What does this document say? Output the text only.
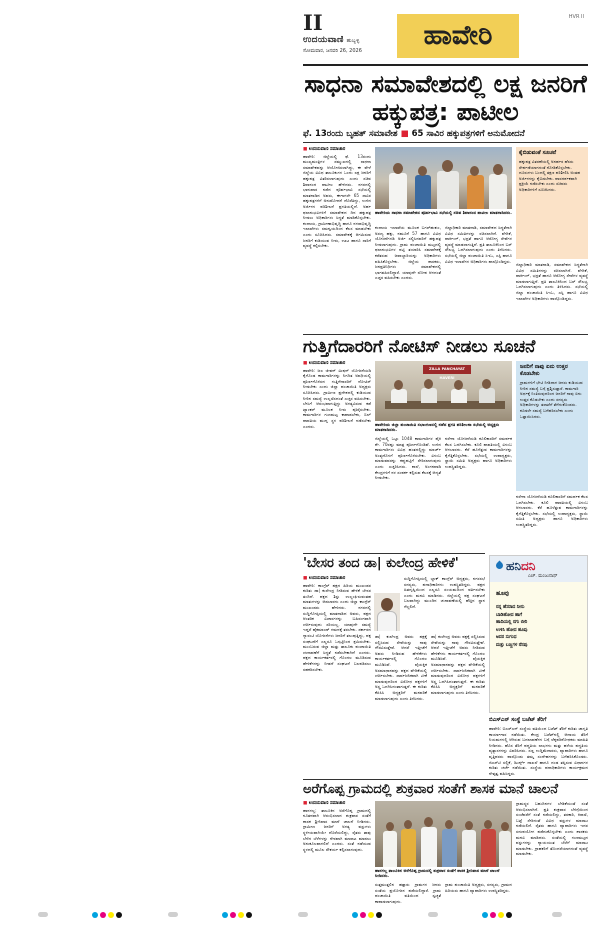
HVR II
II
ಉದಯವಾಣಿ ಹುಬ್ಬಳ್ಳಿ
ಸೋಮವಾರ, ಜನವರಿ 26, 2026	ಹಾವೇರಿ
ಸಾಧನಾ ಸಮಾವೇಶದಲ್ಲಿ ಲಕ್ಷ ಜನರಿಗೆ ಹಕ್ಕುಪತ್ರ: ಪಾಟೀಲ
ಫೆ. 13ರಂದು ಬೃಹತ್ ಸಮಾವೇಶ ■ 65 ಸಾವಿರ ಹಕ್ಕುಪತ್ರಗಳಿಗೆ ಅನುಮೋದನೆ
■ ಉದಯವಾಣಿ ಸಮಾಚಾರ
ಹಾವೇರಿ: ಜಿಲ್ಲೆಯಲ್ಲಿ ಫೆ. 13ರಂದು ಮುಖ್ಯಮಂತ್ರಿಗಳ ಸಮ್ಮುಖದಲ್ಲಿ ಸಾಧನಾ ಸಮಾವೇಶವನ್ನು ಆಯೋಜಿಸಲಾಗಿದ್ದು, ಈ ವೇಳೆ ಜಿಲ್ಲೆಯ ವಿವಿಧ ತಾಲೂಕುಗಳ ಒಂದು ಲಕ್ಷ ಜನರಿಗೆ ಹಕ್ಕುಪತ್ರ ವಿತರಿಸಲಾಗುವುದು ಎಂದು ಸಚಿವ ಶಿವಾನಂದ ಪಾಟೀಲ ಹೇಳಿದರು. ನಗರದಲ್ಲಿ ಭಾನುವಾರ ನಡೆದ ಪೂರ್ವಭಾವಿ ಸಭೆಯಲ್ಲಿ ಮಾತನಾಡಿದ ಅವರು, ಈಗಾಗಲೇ 65 ಸಾವಿರ ಹಕ್ಕುಪತ್ರಗಳಿಗೆ ಅನುಮೋದನೆ ದೊರೆತಿದ್ದು, ಉಳಿದ ಅರ್ಜಿಗಳ ಪರಿಶೀಲನೆ ಪ್ರಗತಿಯಲ್ಲಿದೆ. ಅರ್ಹ ಫಲಾನುಭವಿಗಳಿಗೆ ಸಮಾವೇಶದ ದಿನ ಹಕ್ಕುಪತ್ರ ನೀಡಲು ಅಧಿಕಾರಿಗಳು ಸಿದ್ಧತೆ ಮಾಡಿಕೊಳ್ಳಬೇಕು. ಕಂದಾಯ, ಗ್ರಾಮೀಣಾಭಿವೃದ್ಧಿ ಹಾಗೂ ನಗರಾಭಿವೃದ್ಧಿ ಇಲಾಖೆಗಳು ಸಮನ್ವಯದಿಂದ ಕೆಲಸ ಮಾಡಬೇಕು ಎಂದು ಸೂಚಿಸಿದರು. ಸಮಾವೇಶಕ್ಕೆ ಆಗಮಿಸುವ ಜನರಿಗೆ ಕುಡಿಯುವ ನೀರು, ಊಟ ಹಾಗೂ ಸಾರಿಗೆ ವ್ಯವಸ್ಥೆ ಕಲ್ಪಿಸಬೇಕು.
ಹಾವೇರಿಯ ಸಾಧನಾ ಸಮಾವೇಶದ ಪೂರ್ವಭಾವಿ ಸಭೆಯಲ್ಲಿ ಸಚಿವ ಶಿವಾನಂದ ಪಾಟೀಲ ಮಾತನಾಡಿದರು.
ಕಂದಾಯ ಇಲಾಖೆಯ ಮೂಲಕ ಬಗರ್‌ಹುಕುಂ, ಅರಣ್ಯ ಹಕ್ಕು, ನಮೂನೆ 57 ಹಾಗೂ ವಿವಿಧ ಯೋಜನೆಗಳಡಿ ಅರ್ಜಿ ಸಲ್ಲಿಸಿದವರಿಗೆ ಹಕ್ಕುಪತ್ರ ನೀಡಲಾಗುವುದು. ಗ್ರಾಮ ಪಂಚಾಯಿತಿ ಮಟ್ಟದಲ್ಲಿ ಫಲಾನುಭವಿಗಳ ಪಟ್ಟಿ ತಯಾರಿಸಿ ಸಮಾವೇಶಕ್ಕೆ ಕರೆತರುವ ಜವಾಬ್ದಾರಿಯನ್ನು ಅಧಿಕಾರಿಗಳು ವಹಿಸಿಕೊಳ್ಳಬೇಕು. ಜಿಲ್ಲೆಯ ಶಾಸಕರು, ಜನಪ್ರತಿನಿಧಿಗಳು ಸಮಾವೇಶದಲ್ಲಿ ಭಾಗವಹಿಸಲಿದ್ದಾರೆ. ಯಾವುದೇ ಲೋಪ ಆಗದಂತೆ ಎಚ್ಚರ ವಹಿಸಬೇಕು ಎಂದರು.
ಜಿಲ್ಲಾಧಿಕಾರಿ ಮಾತನಾಡಿ, ಸಮಾವೇಶದ ಸಿದ್ಧತೆಗಾಗಿ ವಿವಿಧ ಸಮಿತಿಗಳನ್ನು ರಚಿಸಲಾಗಿದೆ. ವೇದಿಕೆ, ಪಾರ್ಕಿಂಗ್, ಭದ್ರತೆ ಹಾಗೂ ಆರೋಗ್ಯ ಸೇವೆಗಳ ವ್ಯವಸ್ಥೆ ಮಾಡಲಾಗುತ್ತಿದೆ. ಪ್ರತಿ ತಾಲೂಕಿನಿಂದ ಬಸ್ ಸೌಲಭ್ಯ ಒದಗಿಸಲಾಗುವುದು ಎಂದು ತಿಳಿಸಿದರು. ಸಭೆಯಲ್ಲಿ ಜಿಲ್ಲಾ ಪಂಚಾಯಿತಿ ಸಿಇಒ, ಎಸ್ಪಿ ಹಾಗೂ ವಿವಿಧ ಇಲಾಖೆಗಳ ಅಧಿಕಾರಿಗಳು ಪಾಲ್ಗೊಂಡಿದ್ದರು.
ಕೈಬಿಡುವಂತೆ ಸೂಚನೆ
ಹಕ್ಕುಪತ್ರ ವಿತರಣೆಯಲ್ಲಿ ಅನರ್ಹರ ಹೆಸರು ಸೇರ್ಪಡೆಯಾಗದಂತೆ ನೋಡಿಕೊಳ್ಳಬೇಕು. ದೂರುಗಳು ಬಂದಲ್ಲಿ ತಕ್ಷಣ ಪರಿಶೀಲಿಸಿ ಅಂತಹ ಅರ್ಜಿಗಳನ್ನು ಕೈಬಿಡಬೇಕು. ಪಾರದರ್ಶಕವಾಗಿ ಪ್ರಕ್ರಿಯೆ ನಡೆಸಬೇಕು ಎಂದು ಸಚಿವರು ಅಧಿಕಾರಿಗಳಿಗೆ ಸೂಚಿಸಿದರು.
ಜಿಲ್ಲಾಧಿಕಾರಿ ಮಾತನಾಡಿ, ಸಮಾವೇಶದ ಸಿದ್ಧತೆಗಾಗಿ ವಿವಿಧ ಸಮಿತಿಗಳನ್ನು ರಚಿಸಲಾಗಿದೆ. ವೇದಿಕೆ, ಪಾರ್ಕಿಂಗ್, ಭದ್ರತೆ ಹಾಗೂ ಆರೋಗ್ಯ ಸೇವೆಗಳ ವ್ಯವಸ್ಥೆ ಮಾಡಲಾಗುತ್ತಿದೆ. ಪ್ರತಿ ತಾಲೂಕಿನಿಂದ ಬಸ್ ಸೌಲಭ್ಯ ಒದಗಿಸಲಾಗುವುದು ಎಂದು ತಿಳಿಸಿದರು. ಸಭೆಯಲ್ಲಿ ಜಿಲ್ಲಾ ಪಂಚಾಯಿತಿ ಸಿಇಒ, ಎಸ್ಪಿ ಹಾಗೂ ವಿವಿಧ ಇಲಾಖೆಗಳ ಅಧಿಕಾರಿಗಳು ಪಾಲ್ಗೊಂಡಿದ್ದರು.
ಗುತ್ತಿಗೆದಾರರಿಗೆ ನೋಟಿಸ್ ನೀಡಲು ಸೂಚನೆ
■ ಉದಯವಾಣಿ ಸಮಾಚಾರ
ಹಾವೇರಿ: ಜಲ ಜೀವನ್ ಮಿಷನ್ ಯೋಜನೆಯಡಿ ಕೈಗೊಂಡ ಕಾಮಗಾರಿಗಳನ್ನು ನಿಗದಿತ ಅವಧಿಯಲ್ಲಿ ಪೂರ್ಣಗೊಳಿಸದ ಗುತ್ತಿಗೆದಾರರಿಗೆ ನೋಟಿಸ್ ನೀಡಬೇಕು ಎಂದು ಜಿಲ್ಲಾ ಪಂಚಾಯಿತಿ ಅಧ್ಯಕ್ಷರು ಸೂಚಿಸಿದರು. ಗ್ರಾಮೀಣ ಪ್ರದೇಶದಲ್ಲಿ ಕುಡಿಯುವ ನೀರಿನ ಸಮಸ್ಯೆ ಉಲ್ಬಣಿಸದಂತೆ ಎಚ್ಚರ ವಹಿಸಬೇಕು. ಬೇಸಿಗೆ ಆರಂಭವಾಗುತ್ತಿದ್ದು ಅಗತ್ಯವಿರುವ ಕಡೆ ಟ್ಯಾಂಕರ್ ಮೂಲಕ ನೀರು ಪೂರೈಸಬೇಕು. ಕಾಮಗಾರಿಗಳ ಗುಣಮಟ್ಟ ಕಾಪಾಡಬೇಕು, ಬಿಲ್ ಪಾವತಿಯ ಮುನ್ನ ಸ್ಥಳ ಪರಿಶೀಲನೆ ನಡೆಸಬೇಕು ಎಂದರು.
ZILLA PANCHAYAT HAVERI
ಹಾವೇರಿಯ ಜಿಲ್ಲಾ ಪಂಚಾಯಿತಿ ಸಭಾಂಗಣದಲ್ಲಿ ನಡೆದ ಪ್ರಗತಿ ಪರಿಶೀಲನಾ ಸಭೆಯಲ್ಲಿ ಅಧ್ಯಕ್ಷರು ಮಾತನಾಡಿದರು.
ಜಿಲ್ಲೆಯಲ್ಲಿ ಒಟ್ಟು 1048 ಕಾಮಗಾರಿಗಳ ಪೈಕಿ ಶೇ. 70ರಷ್ಟು ಮಾತ್ರ ಪೂರ್ಣಗೊಂಡಿವೆ. ಉಳಿದ ಕಾಮಗಾರಿಗಳು ವಿವಿಧ ಹಂತದಲ್ಲಿದ್ದು ಮಾರ್ಚ್ ಅಂತ್ಯದೊಳಗೆ ಪೂರ್ಣಗೊಳಿಸಬೇಕು. ವಿಳಂಬ ಮಾಡುವವರನ್ನು ಕಪ್ಪುಪಟ್ಟಿಗೆ ಸೇರಿಸಲಾಗುವುದು ಎಂದು ಎಚ್ಚರಿಸಿದರು. ಶಾಲೆ, ಅಂಗನವಾಡಿ ಕೇಂದ್ರಗಳಿಗೆ ನಳ ಸಂಪರ್ಕ ಕಲ್ಪಿಸುವ ಕೆಲಸಕ್ಕೆ ಆದ್ಯತೆ ನೀಡಬೇಕು.
ನರೇಗಾ ಯೋಜನೆಯಡಿ ಕೂಲಿಕಾರರಿಗೆ ಸಮರ್ಪಕ ಕೆಲಸ ಒದಗಿಸಬೇಕು. ಕೂಲಿ ಪಾವತಿಯಲ್ಲಿ ವಿಳಂಬ ಆಗಬಾರದು. ಕೆರೆ ಹೂಳೆತ್ತುವ ಕಾಮಗಾರಿಗಳನ್ನು ಕೈಗೆತ್ತಿಕೊಳ್ಳಬೇಕು. ಸಭೆಯಲ್ಲಿ ಉಪಾಧ್ಯಕ್ಷರು, ಸ್ಥಾಯಿ ಸಮಿತಿ ಅಧ್ಯಕ್ಷರು ಹಾಗೂ ಅಧಿಕಾರಿಗಳು ಉಪಸ್ಥಿತರಿದ್ದರು.
ಜನರಿಗೆ ನಾವು ಏನು ಉತ್ತರ ಕೊಡಬೇಕು
ಗ್ರಾಮಗಳಿಗೆ ಭೇಟಿ ನೀಡಿದಾಗ ಜನರು ಕುಡಿಯುವ ನೀರಿನ ಸಮಸ್ಯೆ ಬಗ್ಗೆ ಪ್ರಶ್ನಿಸುತ್ತಾರೆ. ಕಾಮಗಾರಿ ಅರ್ಧಕ್ಕೆ ನಿಂತಿರುವುದರಿಂದ ಜನರಿಗೆ ನಾವು ಏನು ಉತ್ತರ ಕೊಡಬೇಕು ಎಂದು ಸದಸ್ಯರು ಅಧಿಕಾರಿಗಳನ್ನು ತರಾಟೆಗೆ ತೆಗೆದುಕೊಂಡರು. ಕೂಡಲೇ ಸಮಸ್ಯೆ ಬಗೆಹರಿಸಬೇಕು ಎಂದು ಒತ್ತಾಯಿಸಿದರು.
ನರೇಗಾ ಯೋಜನೆಯಡಿ ಕೂಲಿಕಾರರಿಗೆ ಸಮರ್ಪಕ ಕೆಲಸ ಒದಗಿಸಬೇಕು. ಕೂಲಿ ಪಾವತಿಯಲ್ಲಿ ವಿಳಂಬ ಆಗಬಾರದು. ಕೆರೆ ಹೂಳೆತ್ತುವ ಕಾಮಗಾರಿಗಳನ್ನು ಕೈಗೆತ್ತಿಕೊಳ್ಳಬೇಕು. ಸಭೆಯಲ್ಲಿ ಉಪಾಧ್ಯಕ್ಷರು, ಸ್ಥಾಯಿ ಸಮಿತಿ ಅಧ್ಯಕ್ಷರು ಹಾಗೂ ಅಧಿಕಾರಿಗಳು ಉಪಸ್ಥಿತರಿದ್ದರು.
'ಬೇಸರ ತಂದ ಡಾ| ಕುಲೇಂದ್ರ ಹೇಳಿಕೆ'
■ ಉದಯವಾಣಿ ಸಮಾಚಾರ
ಹಾವೇರಿ: ಕಾಂಗ್ರೆಸ್ ಪಕ್ಷದ ಹಿರಿಯ ಮುಖಂಡರ ಕುರಿತು ಡಾ| ಕುಲೇಂದ್ರ ನೀಡಿರುವ ಹೇಳಿಕೆ ಬೇಸರ ತಂದಿದೆ. ಪಕ್ಷದ ಶಿಸ್ತು ಉಲ್ಲಂಘಿಸುವಂತಹ ಮಾತುಗಳನ್ನು ಆಡಬಾರದು ಎಂದು ಜಿಲ್ಲಾ ಕಾಂಗ್ರೆಸ್ ಮುಖಂಡರು ಹೇಳಿದರು. ನಗರದಲ್ಲಿ ಸುದ್ದಿಗೋಷ್ಠಿಯಲ್ಲಿ ಮಾತನಾಡಿದ ಅವರು, ಪಕ್ಷದ ಆಂತರಿಕ ವಿಚಾರಗಳನ್ನು ಬಹಿರಂಗವಾಗಿ ಚರ್ಚಿಸುವುದು ಸರಿಯಲ್ಲ. ಯಾವುದೇ ಸಮಸ್ಯೆ ಇದ್ದರೆ ಹೈಕಮಾಂಡ್ ಗಮನಕ್ಕೆ ತರಬೇಕು. ಸರ್ಕಾರದ ಗ್ಯಾರಂಟಿ ಯೋಜನೆಗಳು ಜನರಿಗೆ ತಲುಪುತ್ತಿದ್ದು, ಪಕ್ಷ ಸಂಘಟನೆಗೆ ಎಲ್ಲರೂ ಒಗ್ಗಟ್ಟಿನಿಂದ ಶ್ರಮಿಸಬೇಕು. ಮುಂಬರುವ ಜಿಲ್ಲಾ ಮತ್ತು ತಾಲೂಕು ಪಂಚಾಯಿತಿ ಚುನಾವಣೆಗೆ ಸಿದ್ಧತೆ ನಡೆಸಬೇಕಾಗಿದೆ ಎಂದರು. ಪಕ್ಷದ ಕಾರ್ಯಕರ್ತರಲ್ಲಿ ಗೊಂದಲ ಮೂಡಿಸುವ ಹೇಳಿಕೆಗಳನ್ನು ನೀಡದೆ ಸಂಘಟನೆ ಬಲಪಡಿಸಲು ಸಹಕರಿಸಬೇಕು.
ಡಾ| ಕುಲೇಂದ್ರ ಅವರು ಪಕ್ಷಕ್ಕೆ ಸಲ್ಲಿಸಿರುವ ಸೇವೆಯನ್ನು ನಾವು ಗೌರವಿಸುತ್ತೇವೆ. ಆದರೆ ಇತ್ತೀಚೆಗೆ ಅವರು ನೀಡಿರುವ ಹೇಳಿಕೆಗಳು ಕಾರ್ಯಕರ್ತರಲ್ಲಿ ಗೊಂದಲ ಮೂಡಿಸಿವೆ. ವೈಯಕ್ತಿಕ ಅಸಮಾಧಾನವನ್ನು ಪಕ್ಷದ ವೇದಿಕೆಯಲ್ಲಿ ಚರ್ಚಿಸಬೇಕು. ಸಾರ್ವಜನಿಕವಾಗಿ ಟೀಕೆ ಮಾಡುವುದರಿಂದ ವಿರೋಧ ಪಕ್ಷಗಳಿಗೆ ಅಸ್ತ್ರ ಒದಗಿಸಿದಂತಾಗುತ್ತದೆ. ಈ ಕುರಿತು ಕೆಪಿಸಿಸಿ ಅಧ್ಯಕ್ಷರಿಗೆ ಮನವರಿಕೆ ಮಾಡಲಾಗುವುದು ಎಂದು ತಿಳಿಸಿದರು.
ಸುದ್ದಿಗೋಷ್ಠಿಯಲ್ಲಿ ಬ್ಲಾಕ್ ಕಾಂಗ್ರೆಸ್ ಅಧ್ಯಕ್ಷರು, ನಗರಸಭೆ ಸದಸ್ಯರು, ಪದಾಧಿಕಾರಿಗಳು ಉಪಸ್ಥಿತರಿದ್ದರು. ಪಕ್ಷದ ಹಿತದೃಷ್ಟಿಯಿಂದ ಎಲ್ಲರೂ ಸಂಯಮದಿಂದ ವರ್ತಿಸಬೇಕು ಎಂದು ಮನವಿ ಮಾಡಿದರು. ಜಿಲ್ಲೆಯಲ್ಲಿ ಪಕ್ಷ ಸಂಘಟನೆ ಬಲವಾಗಿದ್ದು ಮುಂದಿನ ಚುನಾವಣೆಯಲ್ಲಿ ಹೆಚ್ಚಿನ ಸ್ಥಾನ ಗೆಲ್ಲಲಿದೆ.
ಡಾ| ಕುಲೇಂದ್ರ ಅವರು ಪಕ್ಷಕ್ಕೆ ಸಲ್ಲಿಸಿರುವ ಸೇವೆಯನ್ನು ನಾವು ಗೌರವಿಸುತ್ತೇವೆ. ಆದರೆ ಇತ್ತೀಚೆಗೆ ಅವರು ನೀಡಿರುವ ಹೇಳಿಕೆಗಳು ಕಾರ್ಯಕರ್ತರಲ್ಲಿ ಗೊಂದಲ ಮೂಡಿಸಿವೆ. ವೈಯಕ್ತಿಕ ಅಸಮಾಧಾನವನ್ನು ಪಕ್ಷದ ವೇದಿಕೆಯಲ್ಲಿ ಚರ್ಚಿಸಬೇಕು. ಸಾರ್ವಜನಿಕವಾಗಿ ಟೀಕೆ ಮಾಡುವುದರಿಂದ ವಿರೋಧ ಪಕ್ಷಗಳಿಗೆ ಅಸ್ತ್ರ ಒದಗಿಸಿದಂತಾಗುತ್ತದೆ. ಈ ಕುರಿತು ಕೆಪಿಸಿಸಿ ಅಧ್ಯಕ್ಷರಿಗೆ ಮನವರಿಕೆ ಮಾಡಲಾಗುವುದು ಎಂದು ತಿಳಿಸಿದರು.
ಹನಿದನಿ
ಎಚ್. ಮಂಜುನಾಥ್
ಹೂವು
ನನ್ನ ಹೆಸರಾದ ನೀನು
ಬಾಡಿಹೋದ ಹಾಗೆ
ಹಾದಿಯಲ್ಲಿ ನಗು ಬೀರಿ
ಉಳಿಸಿ ಹೋದ ಹೂವು
ಅದರ ಸುಗಂಧ
ಮತ್ತು ಬಣ್ಣಗಳ ನೆನಪು
ಬಿಎಸ್‌ಎನ್ ಸಂಸ್ಥೆ ಬಜೆಟ್ ತೆರಿಗೆ
ಹಾವೇರಿ: ಬಿಎಸ್‌ಎನ್ ಸಂಸ್ಥೆಯ ವತಿಯಿಂದ ಬಜೆಟ್ ತೆರಿಗೆ ಕುರಿತು ಜಾಗೃತಿ ಕಾರ್ಯಾಗಾರ ನಡೆಯಿತು. ಕೇಂದ್ರ ಬಜೆಟ್‌ನಲ್ಲಿ ಆದಾಯ ತೆರಿಗೆ ನಿಯಮಗಳಲ್ಲಿ ಆಗಿರುವ ಬದಲಾವಣೆಗಳ ಬಗ್ಗೆ ಲೆಕ್ಕಪರಿಶೋಧಕರು ಮಾಹಿತಿ ನೀಡಿದರು. ಹೊಸ ತೆರಿಗೆ ಪದ್ಧತಿಯ ಲಾಭಗಳು ಮತ್ತು ಹಳೆಯ ಪದ್ಧತಿಯ ವ್ಯತ್ಯಾಸಗಳನ್ನು ವಿವರಿಸಿದರು. ಸಣ್ಣ ಉದ್ದಿಮೆದಾರರು, ವ್ಯಾಪಾರಿಗಳು ಹಾಗೂ ವೃತ್ತಿಪರರು ಪಾಲ್ಗೊಂಡು ತಮ್ಮ ಸಂದೇಹಗಳನ್ನು ಬಗೆಹರಿಸಿಕೊಂಡರು. ಜಿಎಸ್‌ಟಿ ಸಲ್ಲಿಕೆ, ರಿಟರ್ನ್ಸ್ ದಾಖಲೆ ಹಾಗೂ ದಂಡ ತಪ್ಪಿಸುವ ವಿಧಾನಗಳ ಕುರಿತು ಚರ್ಚೆ ನಡೆಯಿತು. ಸಂಸ್ಥೆಯ ಪದಾಧಿಕಾರಿಗಳು ಕಾರ್ಯಕ್ರಮದ ನೇತೃತ್ವ ವಹಿಸಿದ್ದರು.
ಅರೆಗೊಪ್ಪ ಗ್ರಾಮದಲ್ಲಿ ಶುಕ್ರವಾರ ಸಂತೆಗೆ ಶಾಸಕ ಮಾನೆ ಚಾಲನೆ
■ ಉದಯವಾಣಿ ಸಮಾಚಾರ
ಹಾನಗಲ್ಲ: ತಾಲೂಕಿನ ಅರೆಗೊಪ್ಪ ಗ್ರಾಮದಲ್ಲಿ ನೂತನವಾಗಿ ಆರಂಭಿಸಲಾದ ಶುಕ್ರವಾರ ಸಂತೆಗೆ ಶಾಸಕ ಶ್ರೀನಿವಾಸ ಮಾನೆ ಚಾಲನೆ ನೀಡಿದರು. ಗ್ರಾಮೀಣ ಜನರಿಗೆ ಅಗತ್ಯ ವಸ್ತುಗಳು ಸ್ಥಳೀಯವಾಗಿಯೇ ದೊರೆಯಲಿದ್ದು, ರೈತರು ತಾವು ಬೆಳೆದ ಬೆಳೆಗಳನ್ನು ನೇರವಾಗಿ ಮಾರಾಟ ಮಾಡಲು ಅನುಕೂಲವಾಗಲಿದೆ ಎಂದರು. ಸಂತೆ ನಡೆಯುವ ಸ್ಥಳದಲ್ಲಿ ಮೂಲ ಸೌಕರ್ಯ ಕಲ್ಪಿಸಲಾಗುವುದು.
ಹಾನಗಲ್ಲ ತಾಲೂಕಿನ ಅರೆಗೊಪ್ಪ ಗ್ರಾಮದಲ್ಲಿ ಶುಕ್ರವಾರ ಸಂತೆಗೆ ಶಾಸಕ ಶ್ರೀನಿವಾಸ ಮಾನೆ ಚಾಲನೆ ನೀಡಿದರು.
ಸುತ್ತಮುತ್ತಲಿನ ಹತ್ತಾರು ಗ್ರಾಮಗಳ ಜನರು ಸಂತೆಯ ಪ್ರಯೋಜನ ಪಡೆಯಲಿದ್ದಾರೆ. ಗ್ರಾಮ ಪಂಚಾಯಿತಿ ವತಿಯಿಂದ ಸ್ವಚ್ಛತೆ ಕಾಪಾಡಲಾಗುವುದು.
ಗ್ರಾಮ ಪಂಚಾಯಿತಿ ಅಧ್ಯಕ್ಷರು, ಸದಸ್ಯರು, ಗ್ರಾಮದ ಹಿರಿಯರು ಹಾಗೂ ವ್ಯಾಪಾರಿಗಳು ಉಪಸ್ಥಿತರಿದ್ದರು.
ಗ್ರಾಮಸ್ಥರ ಬಹುದಿನಗಳ ಬೇಡಿಕೆಯಂತೆ ಸಂತೆ ಆರಂಭಿಸಲಾಗಿದೆ. ಪ್ರತಿ ಶುಕ್ರವಾರ ಬೆಳಿಗ್ಗೆಯಿಂದ ಸಂಜೆವರೆಗೆ ಸಂತೆ ನಡೆಯಲಿದ್ದು, ತರಕಾರಿ, ಕಿರಾಣಿ, ಬಟ್ಟೆ ಸೇರಿದಂತೆ ವಿವಿಧ ವಸ್ತುಗಳ ಮಾರಾಟ ನಡೆಯಲಿದೆ. ರೈತರು ಹಾಗೂ ವ್ಯಾಪಾರಿಗಳು ಇದರ ಸದುಪಯೋಗ ಪಡೆದುಕೊಳ್ಳಬೇಕು ಎಂದು ಶಾಸಕರು ಮನವಿ ಮಾಡಿದರು. ಸಂತೆಯಲ್ಲಿ ಗುಣಮಟ್ಟದ ವಸ್ತುಗಳನ್ನು ನ್ಯಾಯಯುತ ಬೆಲೆಗೆ ಮಾರಾಟ ಮಾಡಬೇಕು. ಗ್ರಾಹಕರಿಗೆ ತೊಂದರೆಯಾಗದಂತೆ ವ್ಯವಸ್ಥೆ ಮಾಡಬೇಕು.
